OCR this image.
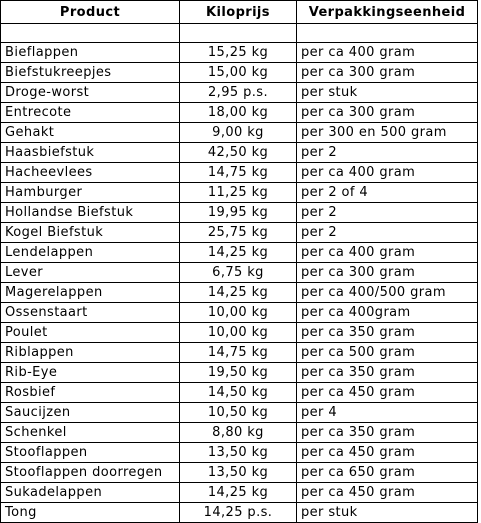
Product	Kiloprijs	Verpakkingseenheid

Bieflappen	15,25 kg	per ca 400 gram
Biefstukreepjes	15,00 kg	per ca 300 gram
Droge-worst	2,95 p.s.	per stuk
Entrecote	18,00 kg	per ca 300 gram
Gehakt	9,00 kg	per 300 en 500 gram
Haasbiefstuk	42,50 kg	per 2
Hacheevlees	14,75 kg	per ca 400 gram
Hamburger	11,25 kg	per 2 of 4
Hollandse Biefstuk	19,95 kg	per 2
Kogel Biefstuk	25,75 kg	per 2
Lendelappen	14,25 kg	per ca 400 gram
Lever	6,75 kg	per ca 300 gram
Magerelappen	14,25 kg	per ca 400/500 gram
Ossenstaart	10,00 kg	per ca 400gram
Poulet	10,00 kg	per ca 350 gram
Riblappen	14,75 kg	per ca 500 gram
Rib-Eye	19,50 kg	per ca 350 gram
Rosbief	14,50 kg	per ca 450 gram
Saucijzen	10,50 kg	per 4
Schenkel	8,80 kg	per ca 350 gram
Stooflappen	13,50 kg	per ca 450 gram
Stooflappen doorregen	13,50 kg	per ca 650 gram
Sukadelappen	14,25 kg	per ca 450 gram
Tong	14,25 p.s.	per stuk
